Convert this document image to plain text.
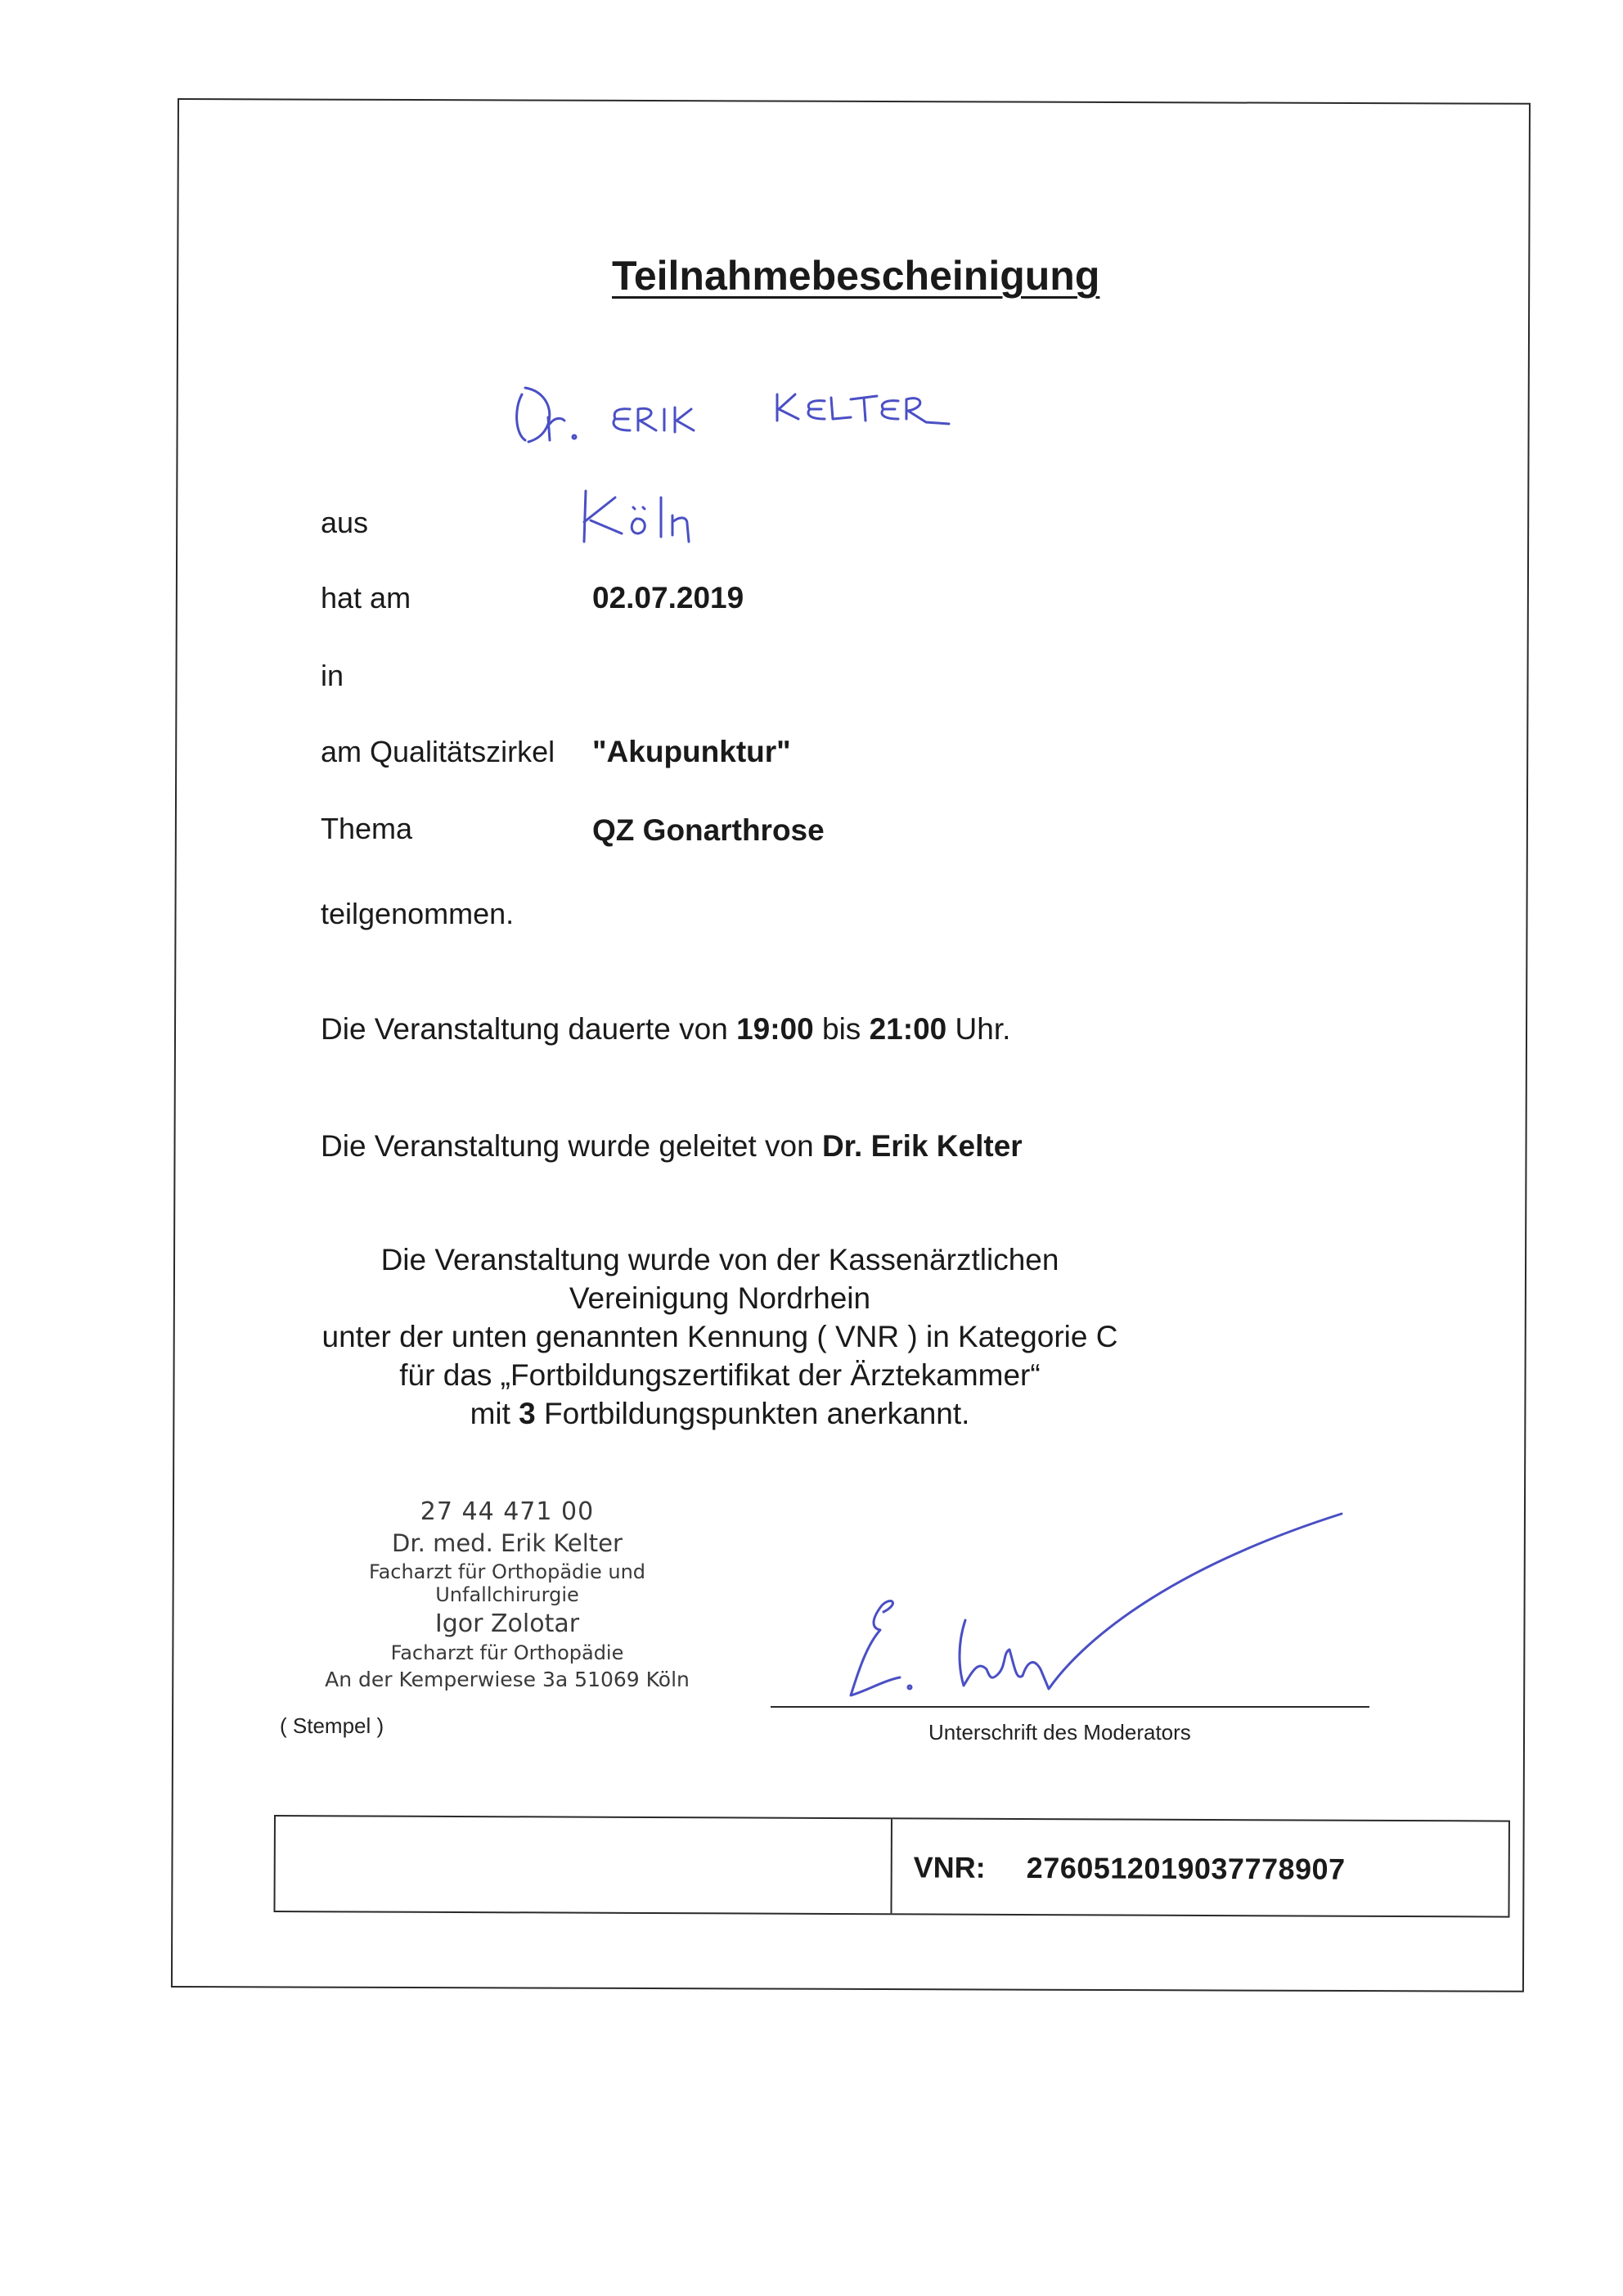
Teilnahmebescheinigung
aus
hat am	02.07.2019
in
am Qualitätszirkel "Akupunktur"
Thema	QZ Gonarthrose
teilgenommen.
Die Veranstaltung dauerte von 19:00 bis 21:00 Uhr.
Die Veranstaltung wurde geleitet von Dr. Erik Kelter
Die Veranstaltung wurde von der Kassenärztlichen Vereinigung Nordrhein
unter der unten genannten Kennung ( VNR ) in Kategorie C
für das „Fortbildungszertifikat der Ärztekammer“
mit 3 Fortbildungspunkten anerkannt.
27 44 471 00
Dr. med. Erik Kelter
Facharzt für Orthopädie und Unfallchirurgie
Igor Zolotar
Facharzt für Orthopädie
An der Kemperwiese 3a 51069 Köln
( Stempel )	Unterschrift des Moderators
VNR: 2760512019037778907
